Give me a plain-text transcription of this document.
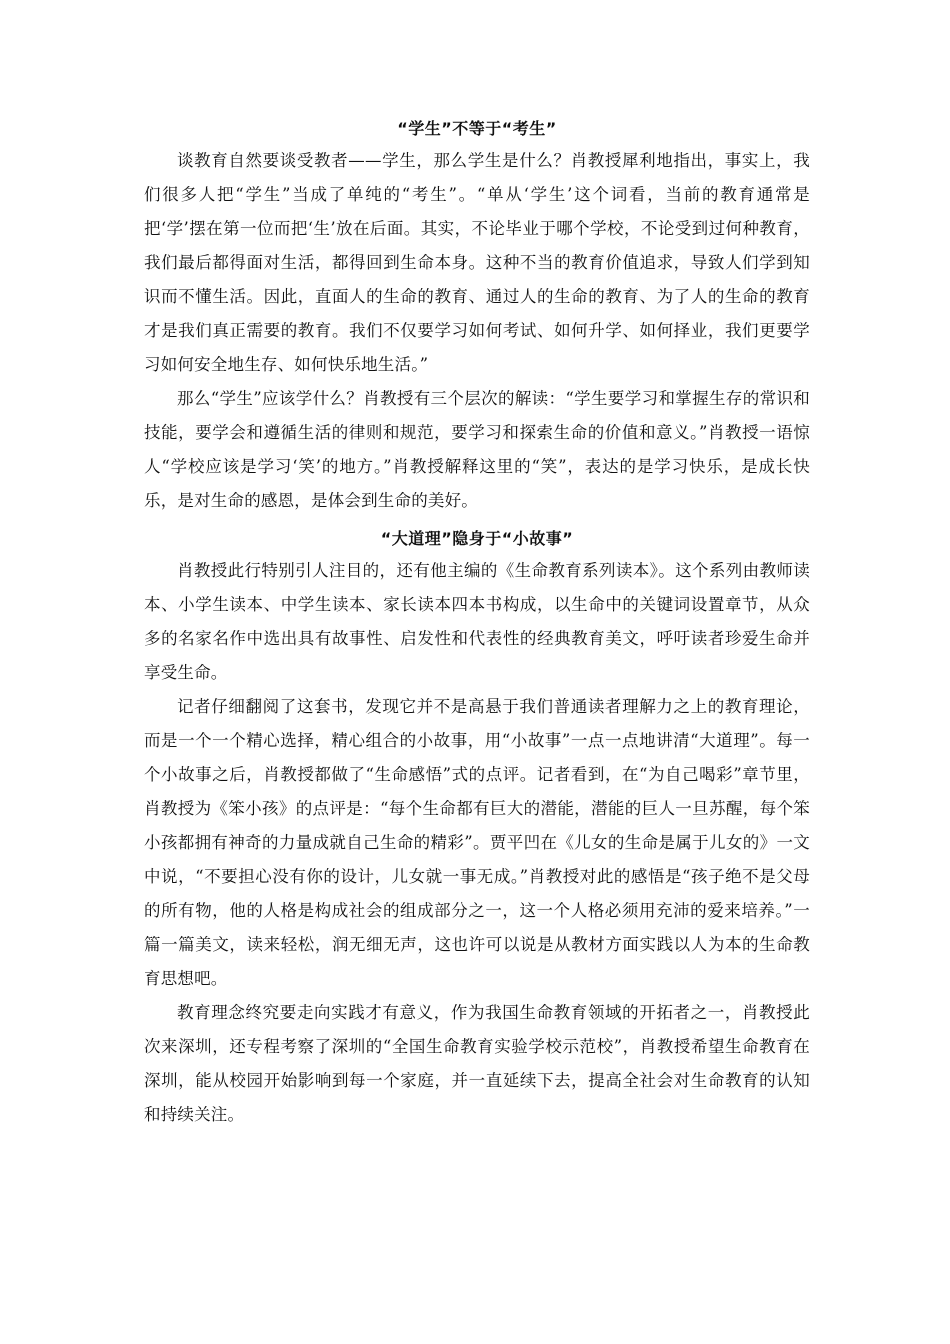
“学生”不等于“考生”

谈教育自然要谈受教者——学生，那么学生是什么？肖教授犀利地指出，事实上，我们很多人把“学生”当成了单纯的“考生”。“单从‘学生’这个词看，当前的教育通常是把‘学’摆在第一位而把‘生’放在后面。其实，不论毕业于哪个学校，不论受到过何种教育，我们最后都得面对生活，都得回到生命本身。这种不当的教育价值追求，导致人们学到知识而不懂生活。因此，直面人的生命的教育、通过人的生命的教育、为了人的生命的教育才是我们真正需要的教育。我们不仅要学习如何考试、如何升学、如何择业，我们更要学习如何安全地生存、如何快乐地生活。”

那么“学生”应该学什么？肖教授有三个层次的解读：“学生要学习和掌握生存的常识和技能，要学会和遵循生活的律则和规范，要学习和探索生命的价值和意义。”肖教授一语惊人“学校应该是学习‘笑’的地方。”肖教授解释这里的“笑”，表达的是学习快乐，是成长快乐，是对生命的感恩，是体会到生命的美好。

“大道理”隐身于“小故事”

肖教授此行特别引人注目的，还有他主编的《生命教育系列读本》。这个系列由教师读本、小学生读本、中学生读本、家长读本四本书构成，以生命中的关键词设置章节，从众多的名家名作中选出具有故事性、启发性和代表性的经典教育美文，呼吁读者珍爱生命并享受生命。

记者仔细翻阅了这套书，发现它并不是高悬于我们普通读者理解力之上的教育理论，而是一个一个精心选择，精心组合的小故事，用“小故事”一点一点地讲清“大道理”。每一个小故事之后，肖教授都做了“生命感悟”式的点评。记者看到，在“为自己喝彩”章节里，肖教授为《笨小孩》的点评是：“每个生命都有巨大的潜能，潜能的巨人一旦苏醒，每个笨小孩都拥有神奇的力量成就自己生命的精彩”。贾平凹在《儿女的生命是属于儿女的》一文中说，“不要担心没有你的设计，儿女就一事无成。”肖教授对此的感悟是“孩子绝不是父母的所有物，他的人格是构成社会的组成部分之一，这一个人格必须用充沛的爱来培养。”一篇一篇美文，读来轻松，润无细无声，这也许可以说是从教材方面实践以人为本的生命教育思想吧。

教育理念终究要走向实践才有意义，作为我国生命教育领域的开拓者之一，肖教授此次来深圳，还专程考察了深圳的“全国生命教育实验学校示范校”，肖教授希望生命教育在深圳，能从校园开始影响到每一个家庭，并一直延续下去，提高全社会对生命教育的认知和持续关注。
